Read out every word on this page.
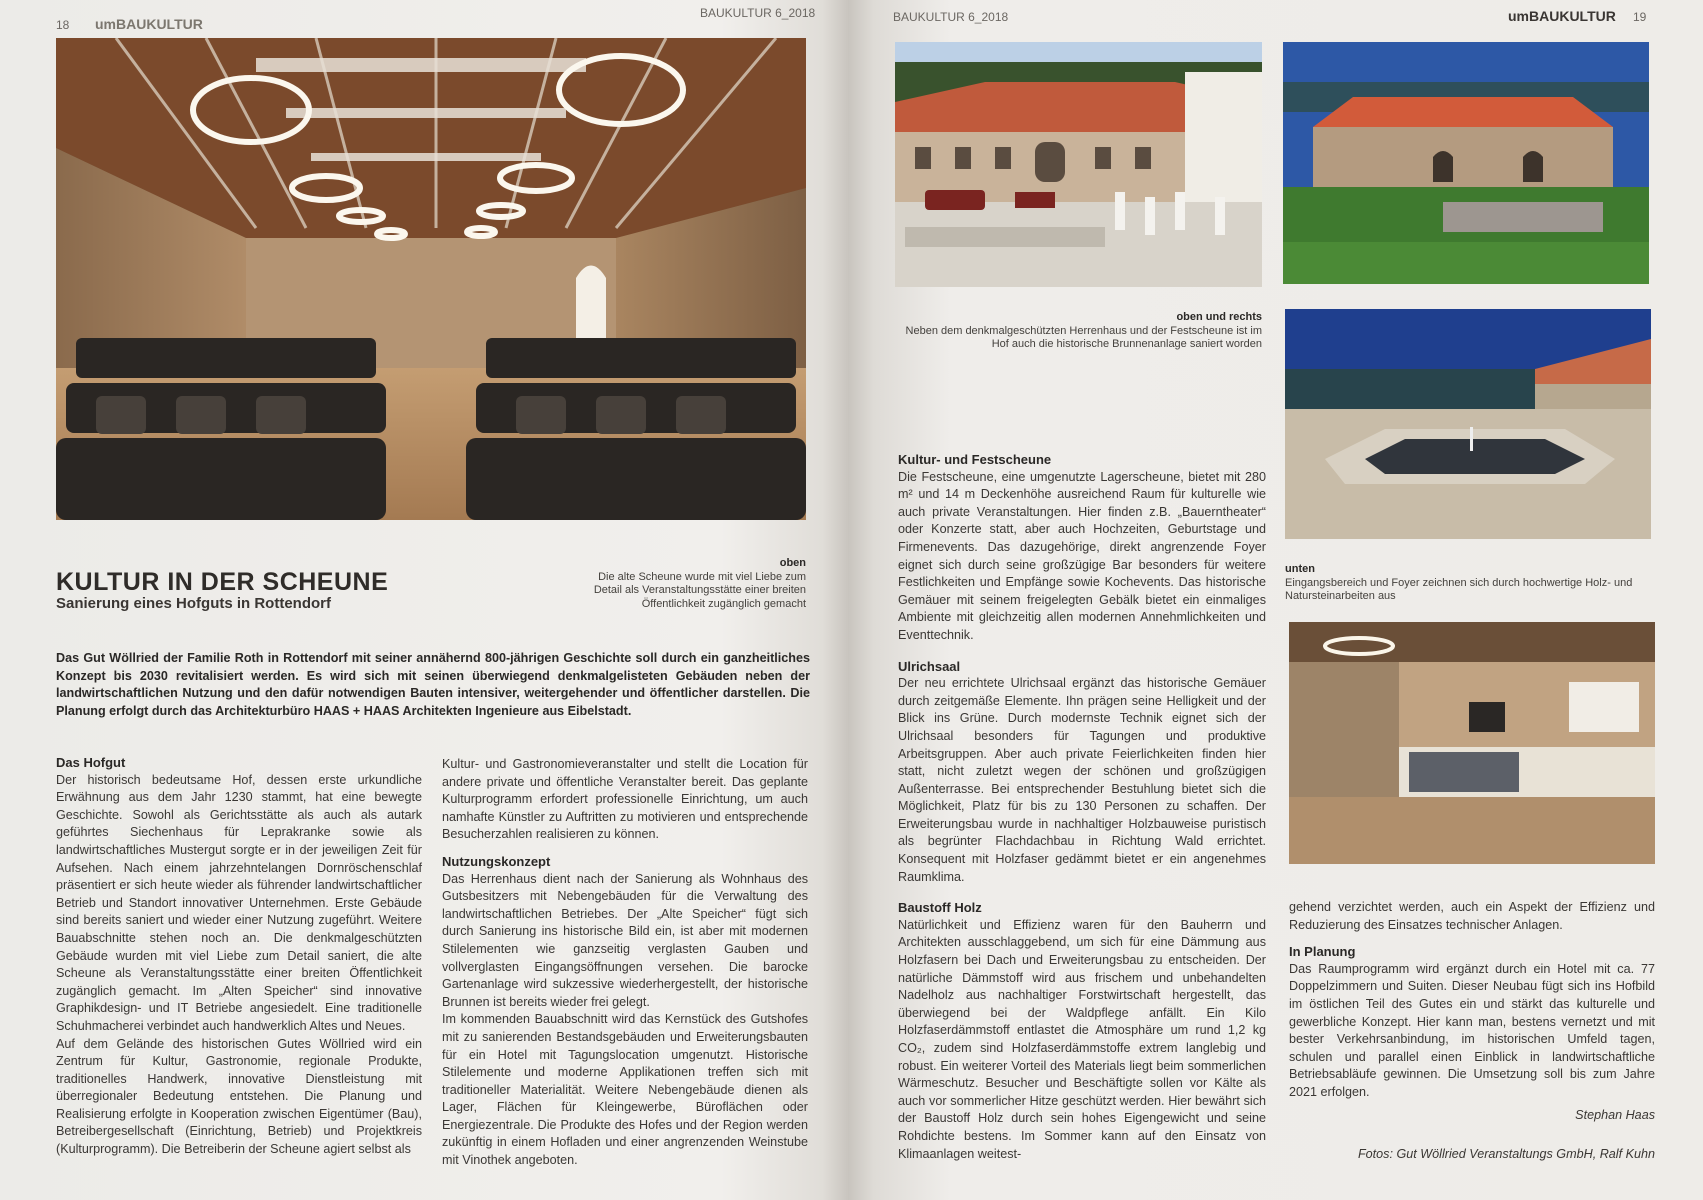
18 umBAUKULTUR
BAUKULTUR 6_2018
oben
Die alte Scheune wurde mit viel Liebe zum Detail als Veranstaltungsstätte einer breiten Öffentlichkeit zugänglich gemacht
KULTUR IN DER SCHEUNE
Sanierung eines Hofguts in Rottendorf
Das Gut Wöllried der Familie Roth in Rottendorf mit seiner annähernd 800-jährigen Geschichte soll durch ein ganzheitliches Konzept bis 2030 revitalisiert werden. Es wird sich mit seinen überwiegend denkmalgelisteten Gebäuden neben der landwirtschaftlichen Nutzung und den dafür notwendigen Bauten intensiver, weitergehender und öffentlicher darstellen. Die Planung erfolgt durch das Architekturbüro HAAS + HAAS Architekten Ingenieure aus Eibelstadt.
Das Hofgut

Der historisch bedeutsame Hof, dessen erste urkundliche Erwähnung aus dem Jahr 1230 stammt, hat eine bewegte Geschichte. Sowohl als Gerichtsstätte als auch als autark geführtes Siechenhaus für Leprakranke sowie als landwirtschaftliches Mustergut sorgte er in der jeweiligen Zeit für Aufsehen. Nach einem jahrzehntelangen Dornröschenschlaf präsentiert er sich heute wieder als führender landwirtschaftlicher Betrieb und Standort innovativer Unternehmen. Erste Gebäude sind bereits saniert und wieder einer Nutzung zugeführt. Weitere Bauabschnitte stehen noch an. Die denkmalgeschützten Gebäude wurden mit viel Liebe zum Detail saniert, die alte Scheune als Veranstaltungsstätte einer breiten Öffentlichkeit zugänglich gemacht. Im „Alten Speicher“ sind innovative Graphikdesign- und IT Betriebe angesiedelt. Eine traditionelle Schuhmacherei verbindet auch handwerklich Altes und Neues.

Auf dem Gelände des historischen Gutes Wöllried wird ein Zentrum für Kultur, Gastronomie, regionale Produkte, traditionelles Handwerk, innovative Dienstleistung mit überregionaler Bedeutung entstehen. Die Planung und Realisierung erfolgte in Kooperation zwischen Eigentümer (Bau), Betreibergesellschaft (Einrichtung, Betrieb) und Projektkreis (Kulturprogramm). Die Betreiberin der Scheune agiert selbst als

Kultur- und Gastronomieveranstalter und stellt die Location für andere private und öffentliche Veranstalter bereit. Das geplante Kulturprogramm erfordert professionelle Einrichtung, um auch namhafte Künstler zu Auftritten zu motivieren und entsprechende Besucherzahlen realisieren zu können.

Nutzungskonzept

Das Herrenhaus dient nach der Sanierung als Wohnhaus des Gutsbesitzers mit Nebengebäuden für die Verwaltung des landwirtschaftlichen Betriebes. Der „Alte Speicher“ fügt sich durch Sanierung ins historische Bild ein, ist aber mit modernen Stilelementen wie ganzseitig verglasten Gauben und vollverglasten Eingangsöffnungen versehen. Die barocke Gartenanlage wird sukzessive wiederhergestellt, der historische Brunnen ist bereits wieder frei gelegt.

Im kommenden Bauabschnitt wird das Kernstück des Gutshofes mit zu sanierenden Bestandsgebäuden und Erweiterungsbauten für ein Hotel mit Tagungslocation umgenutzt. Historische Stilelemente und moderne Applikationen treffen sich mit traditioneller Materialität. Weitere Nebengebäude dienen als Lager, Flächen für Kleingewerbe, Büroflächen oder Energiezentrale. Die Produkte des Hofes und der Region werden zukünftig in einem Hofladen und einer angrenzenden Weinstube mit Vinothek angeboten.

BAUKULTUR 6_2018	umBAUKULTUR 19
oben und rechts
Neben dem denkmalgeschützten Herrenhaus und der Festscheune ist im Hof auch die historische Brunnenanlage saniert worden
unten
Eingangsbereich und Foyer zeichnen sich durch hochwertige Holz- und Natursteinarbeiten aus
Kultur- und Festscheune

Die Festscheune, eine umgenutzte Lagerscheune, bietet mit 280 m² und 14 m Deckenhöhe ausreichend Raum für kulturelle wie auch private Veranstaltungen. Hier finden z.B. „Bauerntheater“ oder Konzerte statt, aber auch Hochzeiten, Geburtstage und Firmenevents. Das dazugehörige, direkt angrenzende Foyer eignet sich durch seine großzügige Bar besonders für weitere Festlichkeiten und Empfänge sowie Kochevents. Das historische Gemäuer mit seinem freigelegten Gebälk bietet ein einmaliges Ambiente mit gleichzeitig allen modernen Annehmlichkeiten und Eventtechnik.

Ulrichsaal

Der neu errichtete Ulrichsaal ergänzt das historische Gemäuer durch zeitgemäße Elemente. Ihn prägen seine Helligkeit und der Blick ins Grüne. Durch modernste Technik eignet sich der Ulrichsaal besonders für Tagungen und produktive Arbeitsgruppen. Aber auch private Feierlichkeiten finden hier statt, nicht zuletzt wegen der schönen und großzügigen Außenterrasse. Bei entsprechender Bestuhlung bietet sich die Möglichkeit, Platz für bis zu 130 Personen zu schaffen. Der Erweiterungsbau wurde in nachhaltiger Holzbauweise puristisch als begrünter Flachdachbau in Richtung Wald errichtet. Konsequent mit Holzfaser gedämmt bietet er ein angenehmes Raumklima.

Baustoff Holz

Natürlichkeit und Effizienz waren für den Bauherrn und Architekten ausschlaggebend, um sich für eine Dämmung aus Holzfasern bei Dach und Erweiterungsbau zu entscheiden. Der natürliche Dämmstoff wird aus frischem und unbehandelten Nadelholz aus nachhaltiger Forstwirtschaft hergestellt, das überwiegend bei der Waldpflege anfällt. Ein Kilo Holzfaserdämmstoff entlastet die Atmosphäre um rund 1,2 kg CO₂, zudem sind Holzfaserdämmstoffe extrem langlebig und robust. Ein weiterer Vorteil des Materials liegt beim sommerlichen Wärmeschutz. Besucher und Beschäftigte sollen vor Kälte als auch vor sommerlicher Hitze geschützt werden. Hier bewährt sich der Baustoff Holz durch sein hohes Eigengewicht und seine Rohdichte bestens. Im Sommer kann auf den Einsatz von Klimaanlagen weitest-

gehend verzichtet werden, auch ein Aspekt der Effizienz und Reduzierung des Einsatzes technischer Anlagen.

In Planung

Das Raumprogramm wird ergänzt durch ein Hotel mit ca. 77 Doppelzimmern und Suiten. Dieser Neubau fügt sich ins Hofbild im östlichen Teil des Gutes ein und stärkt das kulturelle und gewerbliche Konzept. Hier kann man, bestens vernetzt und mit bester Verkehrsanbindung, im historischen Umfeld tagen, schulen und parallel einen Einblick in landwirtschaftliche Betriebsabläufe gewinnen. Die Umsetzung soll bis zum Jahre 2021 erfolgen.

Stephan Haas

Fotos: Gut Wöllried Veranstaltungs GmbH, Ralf Kuhn
